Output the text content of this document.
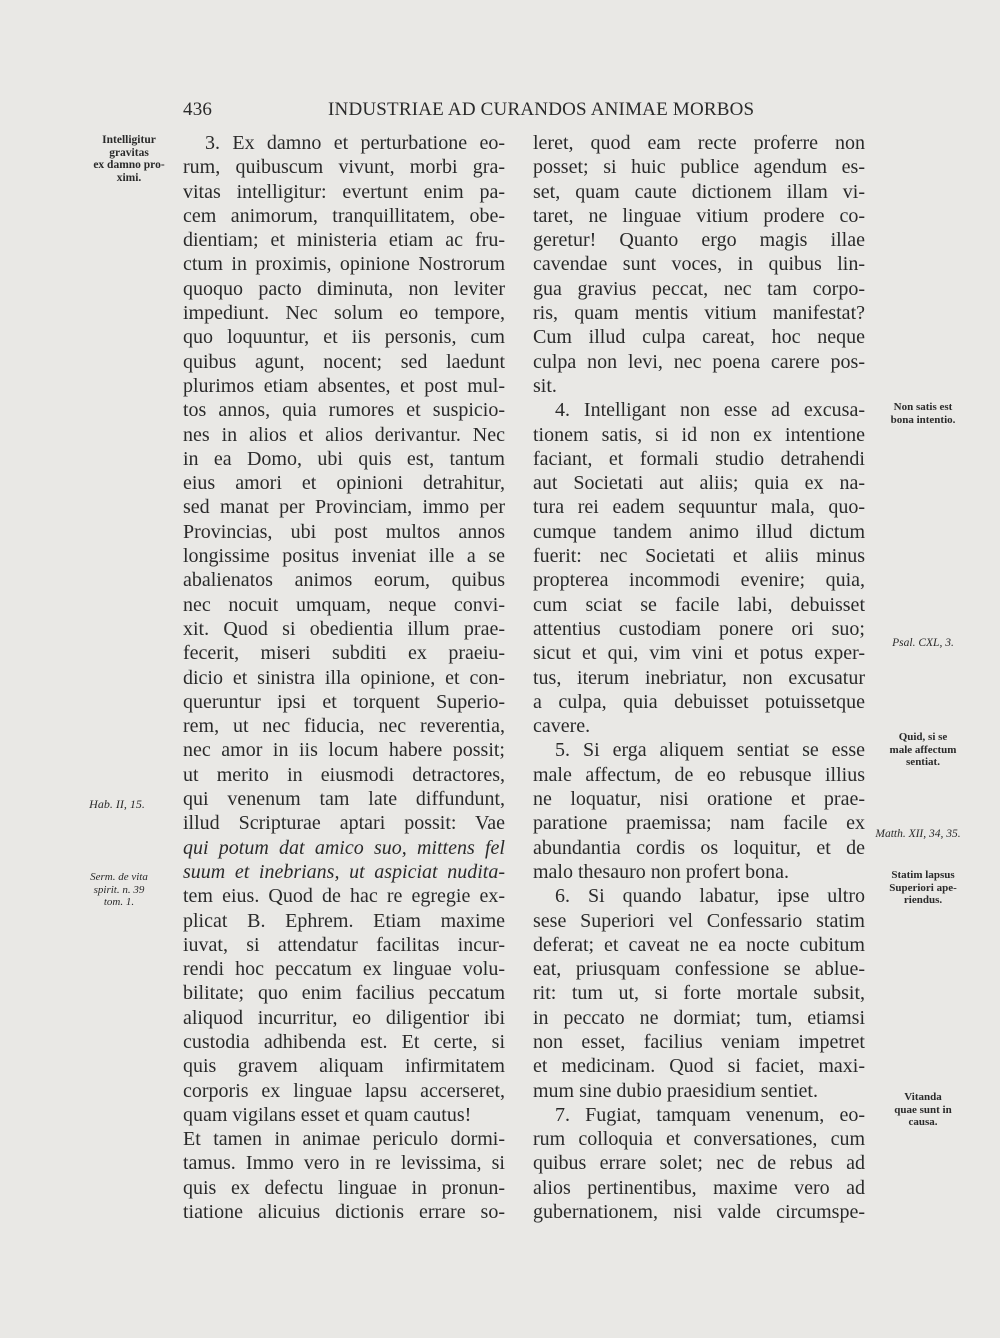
436	INDUSTRIAE AD CURANDOS ANIMAE MORBOS
Intelligitur
gravitas
ex damno pro-
ximi.
Hab. II, 15.
Serm. de vita
spirit. n. 39
tom. 1.
3. Ex damno et perturbatione eo-
rum, quibuscum vivunt, morbi gra-
vitas intelligitur: evertunt enim pa-
cem animorum, tranquillitatem, obe-
dientiam; et ministeria etiam ac fru-
ctum in proximis, opinione Nostrorum
quoquo pacto diminuta, non leviter
impediunt. Nec solum eo tempore,
quo loquuntur, et iis personis, cum
quibus agunt, nocent; sed laedunt
plurimos etiam absentes, et post mul-
tos annos, quia rumores et suspicio-
nes in alios et alios derivantur. Nec
in ea Domo, ubi quis est, tantum
eius amori et opinioni detrahitur,
sed manat per Provinciam, immo per
Provincias, ubi post multos annos
longissime positus inveniat ille a se
abalienatos animos eorum, quibus
nec nocuit umquam, neque convi-
xit. Quod si obedientia illum prae-
fecerit, miseri subditi ex praeiu-
dicio et sinistra illa opinione, et con-
queruntur ipsi et torquent Superio-
rem, ut nec fiducia, nec reverentia,
nec amor in iis locum habere possit;
ut merito in eiusmodi detractores,
qui venenum tam late diffundunt,
illud Scripturae aptari possit: Vae
qui potum dat amico suo, mittens fel
suum et inebrians, ut aspiciat nudita-
tem eius. Quod de hac re egregie ex-
plicat B. Ephrem. Etiam maxime
iuvat, si attendatur facilitas incur-
rendi hoc peccatum ex linguae volu-
bilitate; quo enim facilius peccatum
aliquod incurritur, eo diligentior ibi
custodia adhibenda est. Et certe, si
quis gravem aliquam infirmitatem
corporis ex linguae lapsu accerseret,
quam vigilans esset et quam cautus!
Et tamen in animae periculo dormi-
tamus. Immo vero in re levissima, si
quis ex defectu linguae in pronun-
tiatione alicuius dictionis errare so-
leret, quod eam recte proferre non
posset; si huic publice agendum es-
set, quam caute dictionem illam vi-
taret, ne linguae vitium prodere co-
geretur! Quanto ergo magis illae
cavendae sunt voces, in quibus lin-
gua gravius peccat, nec tam corpo-
ris, quam mentis vitium manifestat?
Cum illud culpa careat, hoc neque
culpa non levi, nec poena carere pos-
sit.
4. Intelligant non esse ad excusa-
tionem satis, si id non ex intentione
faciant, et formali studio detrahendi
aut Societati aut aliis; quia ex na-
tura rei eadem sequuntur mala, quo-
cumque tandem animo illud dictum
fuerit: nec Societati et aliis minus
propterea incommodi evenire; quia,
cum sciat se facile labi, debuisset
attentius custodiam ponere ori suo;
sicut et qui, vim vini et potus exper-
tus, iterum inebriatur, non excusatur
a culpa, quia debuisset potuissetque
cavere.
5. Si erga aliquem sentiat se esse
male affectum, de eo rebusque illius
ne loquatur, nisi oratione et prae-
paratione praemissa; nam facile ex
abundantia cordis os loquitur, et de
malo thesauro non profert bona.
6. Si quando labatur, ipse ultro
sese Superiori vel Confessario statim
deferat; et caveat ne ea nocte cubitum
eat, priusquam confessione se ablue-
rit: tum ut, si forte mortale subsit,
in peccato ne dormiat; tum, etiamsi
non esset, facilius veniam impetret
et medicinam. Quod si faciet, maxi-
mum sine dubio praesidium sentiet.
7. Fugiat, tamquam venenum, eo-
rum colloquia et conversationes, cum
quibus errare solet; nec de rebus ad
alios pertinentibus, maxime vero ad
gubernationem, nisi valde circumspe-
Non satis est
bona intentio.
Psal. CXL, 3.
Quid, si se
male affectum
sentiat.
Matth. XII, 34, 35.
Statim lapsus
Superiori ape-
riendus.
Vitanda
quae sunt in
causa.
